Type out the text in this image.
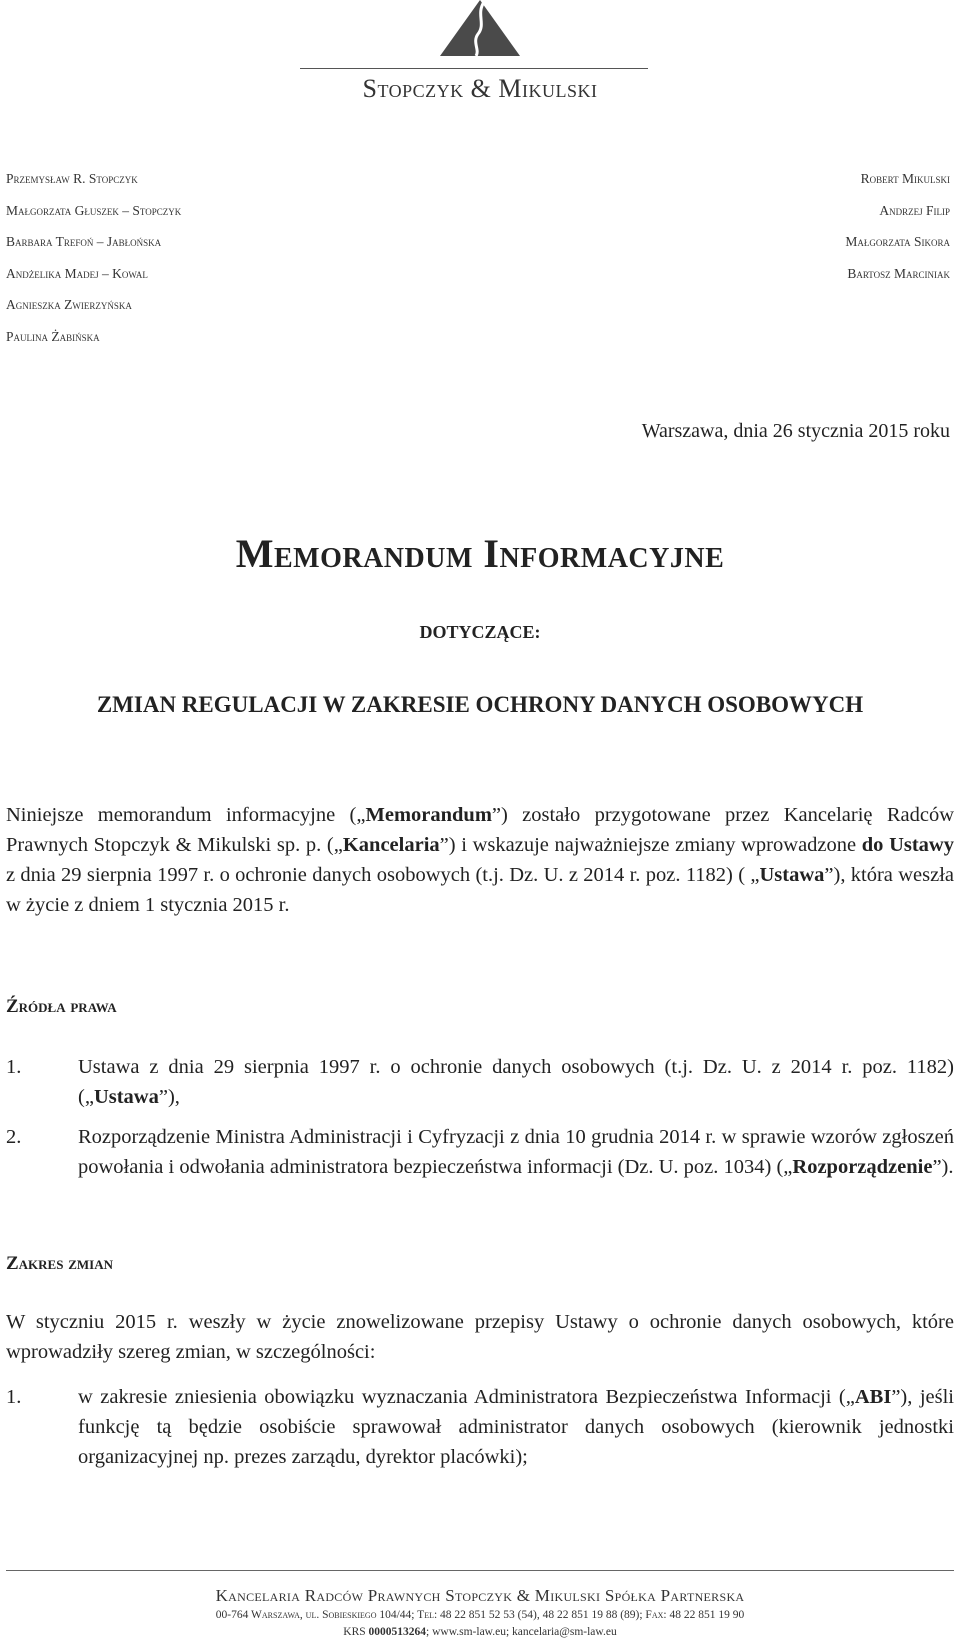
Stopczyk & Mikulski
Przemysław R. Stopczyk
Małgorzata Głuszek – Stopczyk
Barbara Trefoń – Jabłońska
Andżelika Madej – Kowal
Agnieszka Zwierzyńska
Paulina Żabińska
Robert Mikulski
Andrzej Filip
Małgorzata Sikora
Bartosz Marciniak
Warszawa, dnia 26 stycznia 2015 roku
Memorandum Informacyjne
DOTYCZĄCE:
ZMIAN REGULACJI W ZAKRESIE OCHRONY DANYCH OSOBOWYCH
Niniejsze memorandum informacyjne („Memorandum”) zostało przygotowane przez Kancelarię Radców Prawnych Stopczyk & Mikulski sp. p. („Kancelaria”) i wskazuje najważniejsze zmiany wprowadzone do Ustawy z dnia 29 sierpnia 1997 r. o ochronie danych osobowych (t.j. Dz. U. z 2014 r. poz. 1182) ( „Ustawa”), która weszła w życie z dniem 1 stycznia 2015 r.
Źródła prawa
1.	Ustawa z dnia 29 sierpnia 1997 r. o ochronie danych osobowych (t.j. Dz. U. z 2014 r. poz. 1182) („Ustawa”),
2.	Rozporządzenie Ministra Administracji i Cyfryzacji z dnia 10 grudnia 2014 r. w sprawie wzorów zgłoszeń powołania i odwołania administratora bezpieczeństwa informacji (Dz. U. poz. 1034) („Rozporządzenie”).
Zakres zmian
W styczniu 2015 r. weszły w życie znowelizowane przepisy Ustawy o ochronie danych osobowych, które wprowadziły szereg zmian, w szczególności:
1.	w zakresie zniesienia obowiązku wyznaczania Administratora Bezpieczeństwa Informacji („ABI”), jeśli funkcję tą będzie osobiście sprawował administrator danych osobowych (kierownik jednostki organizacyjnej np. prezes zarządu, dyrektor placówki);
Kancelaria Radców Prawnych Stopczyk & Mikulski Spółka Partnerska
00-764 Warszawa, ul. Sobieskiego 104/44; Tel: 48 22 851 52 53 (54), 48 22 851 19 88 (89); Fax: 48 22 851 19 90
KRS 0000513264; www.sm-law.eu; kancelaria@sm-law.eu
